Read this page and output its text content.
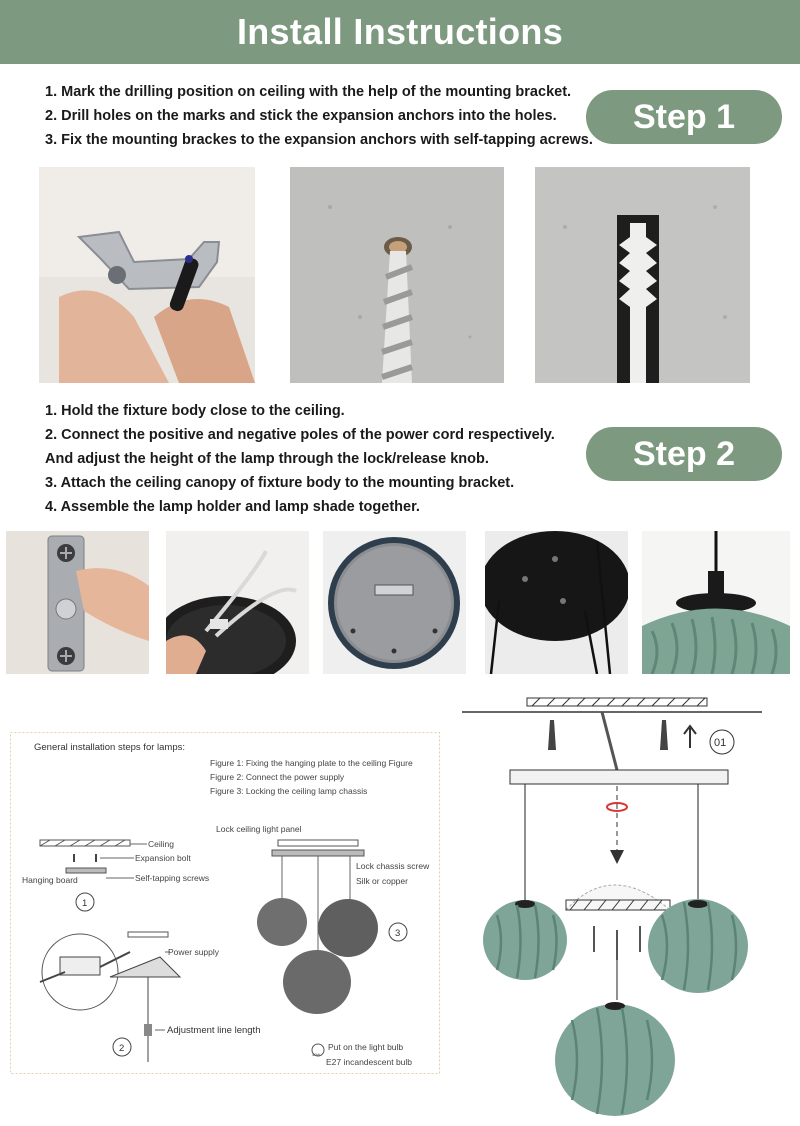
Install Instructions
1. Mark the drilling position on ceiling with the help of the mounting bracket.
2. Drill holes on the marks and stick the expansion anchors into the holes.
3. Fix the mounting brackes to the expansion anchors with self-tapping acrews.
Step 1
1. Hold the fixture body close to the ceiling.
2. Connect the positive and negative poles of the power cord respectively.
And adjust the height of the lamp through the lock/release knob.
3. Attach the ceiling canopy of fixture body to the mounting bracket.
4. Assemble the lamp holder and lamp shade together.
Step 2
General installation steps for lamps:
Figure 1: Fixing the hanging plate to the ceiling Figure
Figure 2: Connect the power supply
Figure 3: Locking the ceiling lamp chassis
Ceiling
Expansion bolt
Self-tapping screws
Hanging board
1
Power supply
Adjustment line length
2
Lock ceiling light panel
Lock chassis screw
Silk or copper
3
40W
Put on the light bulb
E27 incandescent bulb
01
